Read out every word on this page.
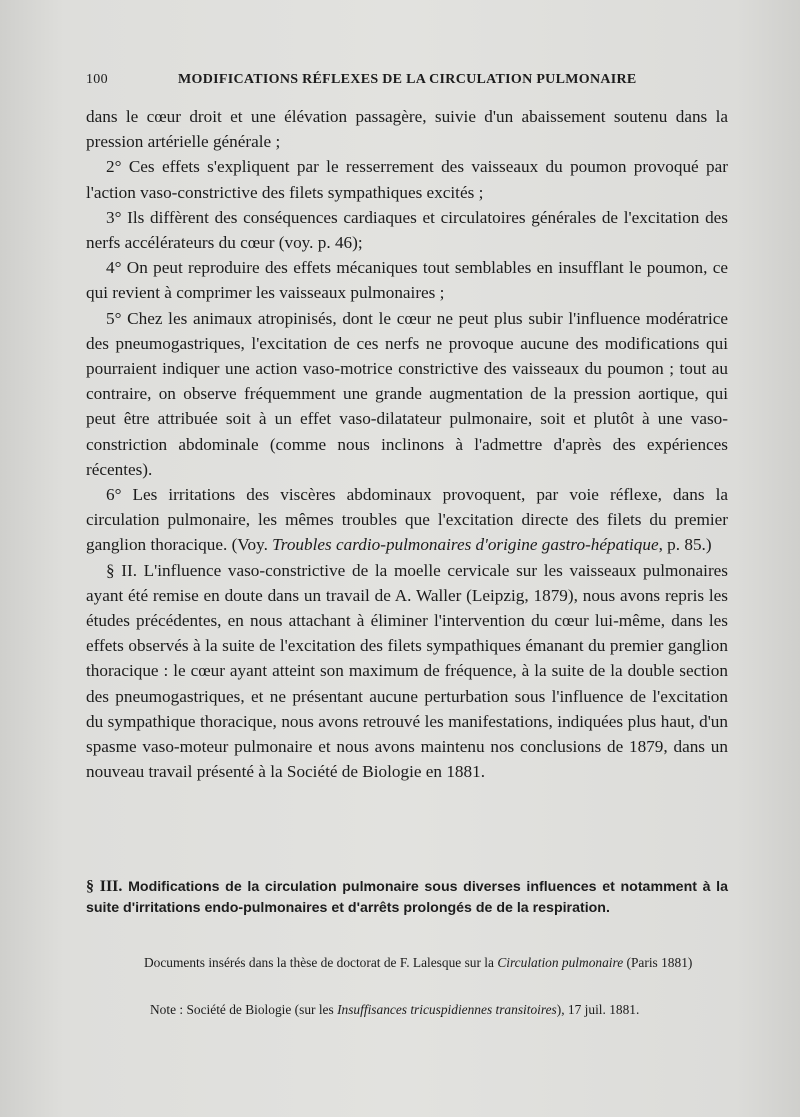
100	MODIFICATIONS RÉFLEXES DE LA CIRCULATION PULMONAIRE

dans le cœur droit et une élévation passagère, suivie d'un abaissement soutenu dans la pression artérielle générale ;

2° Ces effets s'expliquent par le resserrement des vaisseaux du poumon provoqué par l'action vaso-constrictive des filets sympathiques excités ;

3° Ils diffèrent des conséquences cardiaques et circulatoires générales de l'excitation des nerfs accélérateurs du cœur (voy. p. 46);

4° On peut reproduire des effets mécaniques tout semblables en insufflant le poumon, ce qui revient à comprimer les vaisseaux pulmonaires ;

5° Chez les animaux atropinisés, dont le cœur ne peut plus subir l'influence modératrice des pneumogastriques, l'excitation de ces nerfs ne provoque aucune des modifications qui pourraient indiquer une action vaso-motrice constrictive des vaisseaux du poumon ; tout au contraire, on observe fréquemment une grande augmentation de la pression aortique, qui peut être attribuée soit à un effet vaso-dilatateur pulmonaire, soit et plutôt à une vaso-constriction abdominale (comme nous inclinons à l'admettre d'après des expériences récentes).

6° Les irritations des viscères abdominaux provoquent, par voie réflexe, dans la circulation pulmonaire, les mêmes troubles que l'excitation directe des filets du premier ganglion thoracique. (Voy. Troubles cardio-pulmonaires d'origine gastro-hépatique, p. 85.)

§ II. L'influence vaso-constrictive de la moelle cervicale sur les vaisseaux pulmonaires ayant été remise en doute dans un travail de A. Waller (Leipzig, 1879), nous avons repris les études précédentes, en nous attachant à éliminer l'intervention du cœur lui-même, dans les effets observés à la suite de l'excitation des filets sympathiques émanant du premier ganglion thoracique : le cœur ayant atteint son maximum de fréquence, à la suite de la double section des pneumogastriques, et ne présentant aucune perturbation sous l'influence de l'excitation du sympathique thoracique, nous avons retrouvé les manifestations, indiquées plus haut, d'un spasme vaso-moteur pulmonaire et nous avons maintenu nos conclusions de 1879, dans un nouveau travail présenté à la Société de Biologie en 1881.

§ III. Modifications de la circulation pulmonaire sous diverses influences et notamment à la suite d'irritations endo-pulmonaires et d'arrêts prolongés de de la respiration.
Documents insérés dans la thèse de doctorat de F. Lalesque sur la Circulation pulmonaire (Paris 1881)
Note : Société de Biologie (sur les Insuffisances tricuspidiennes transitoires), 17 juil. 1881.
